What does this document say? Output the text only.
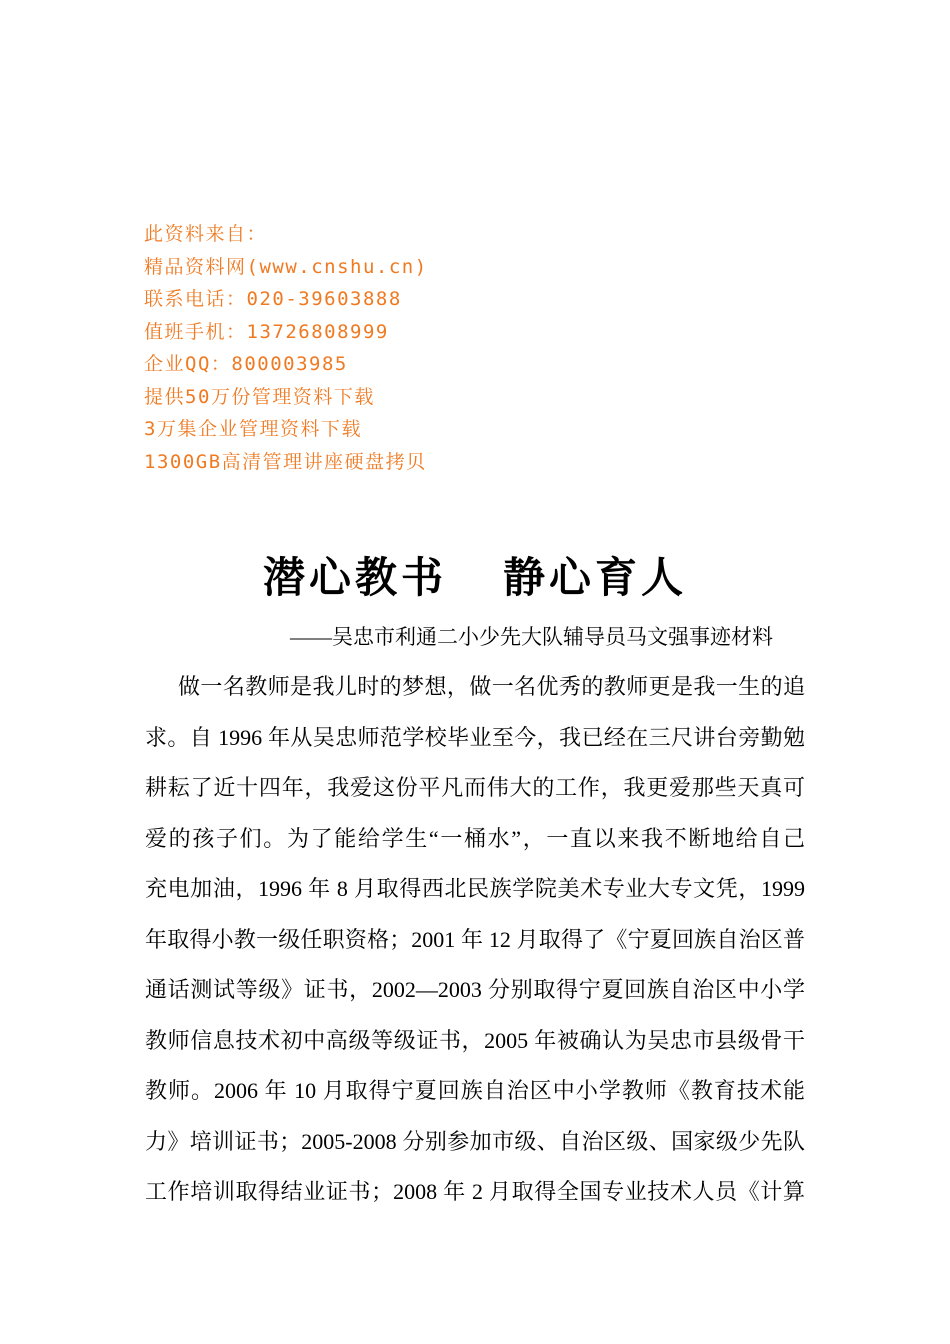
此资料来自：
精品资料网(www.cnshu.cn)
联系电话：020-39603888
值班手机：13726808999
企业QQ：800003985
提供50万份管理资料下载
3万集企业管理资料下载
1300GB高清管理讲座硬盘拷贝
潜心教书 静心育人
——吴忠市利通二小少先大队辅导员马文强事迹材料
做一名教师是我儿时的梦想，做一名优秀的教师更是我一生的追
求。自 1996 年从吴忠师范学校毕业至今，我已经在三尺讲台旁勤勉
耕耘了近十四年，我爱这份平凡而伟大的工作，我更爱那些天真可
爱的孩子们。为了能给学生“一桶水”，一直以来我不断地给自己
充电加油，1996 年 8 月取得西北民族学院美术专业大专文凭，1999
年取得小教一级任职资格；2001 年 12 月取得了《宁夏回族自治区普
通话测试等级》证书，2002—2003 分别取得宁夏回族自治区中小学
教师信息技术初中高级等级证书，2005 年被确认为吴忠市县级骨干
教师。2006 年 10 月取得宁夏回族自治区中小学教师《教育技术能
力》培训证书；2005-2008 分别参加市级、自治区级、国家级少先队
工作培训取得结业证书；2008 年 2 月取得全国专业技术人员《计算
